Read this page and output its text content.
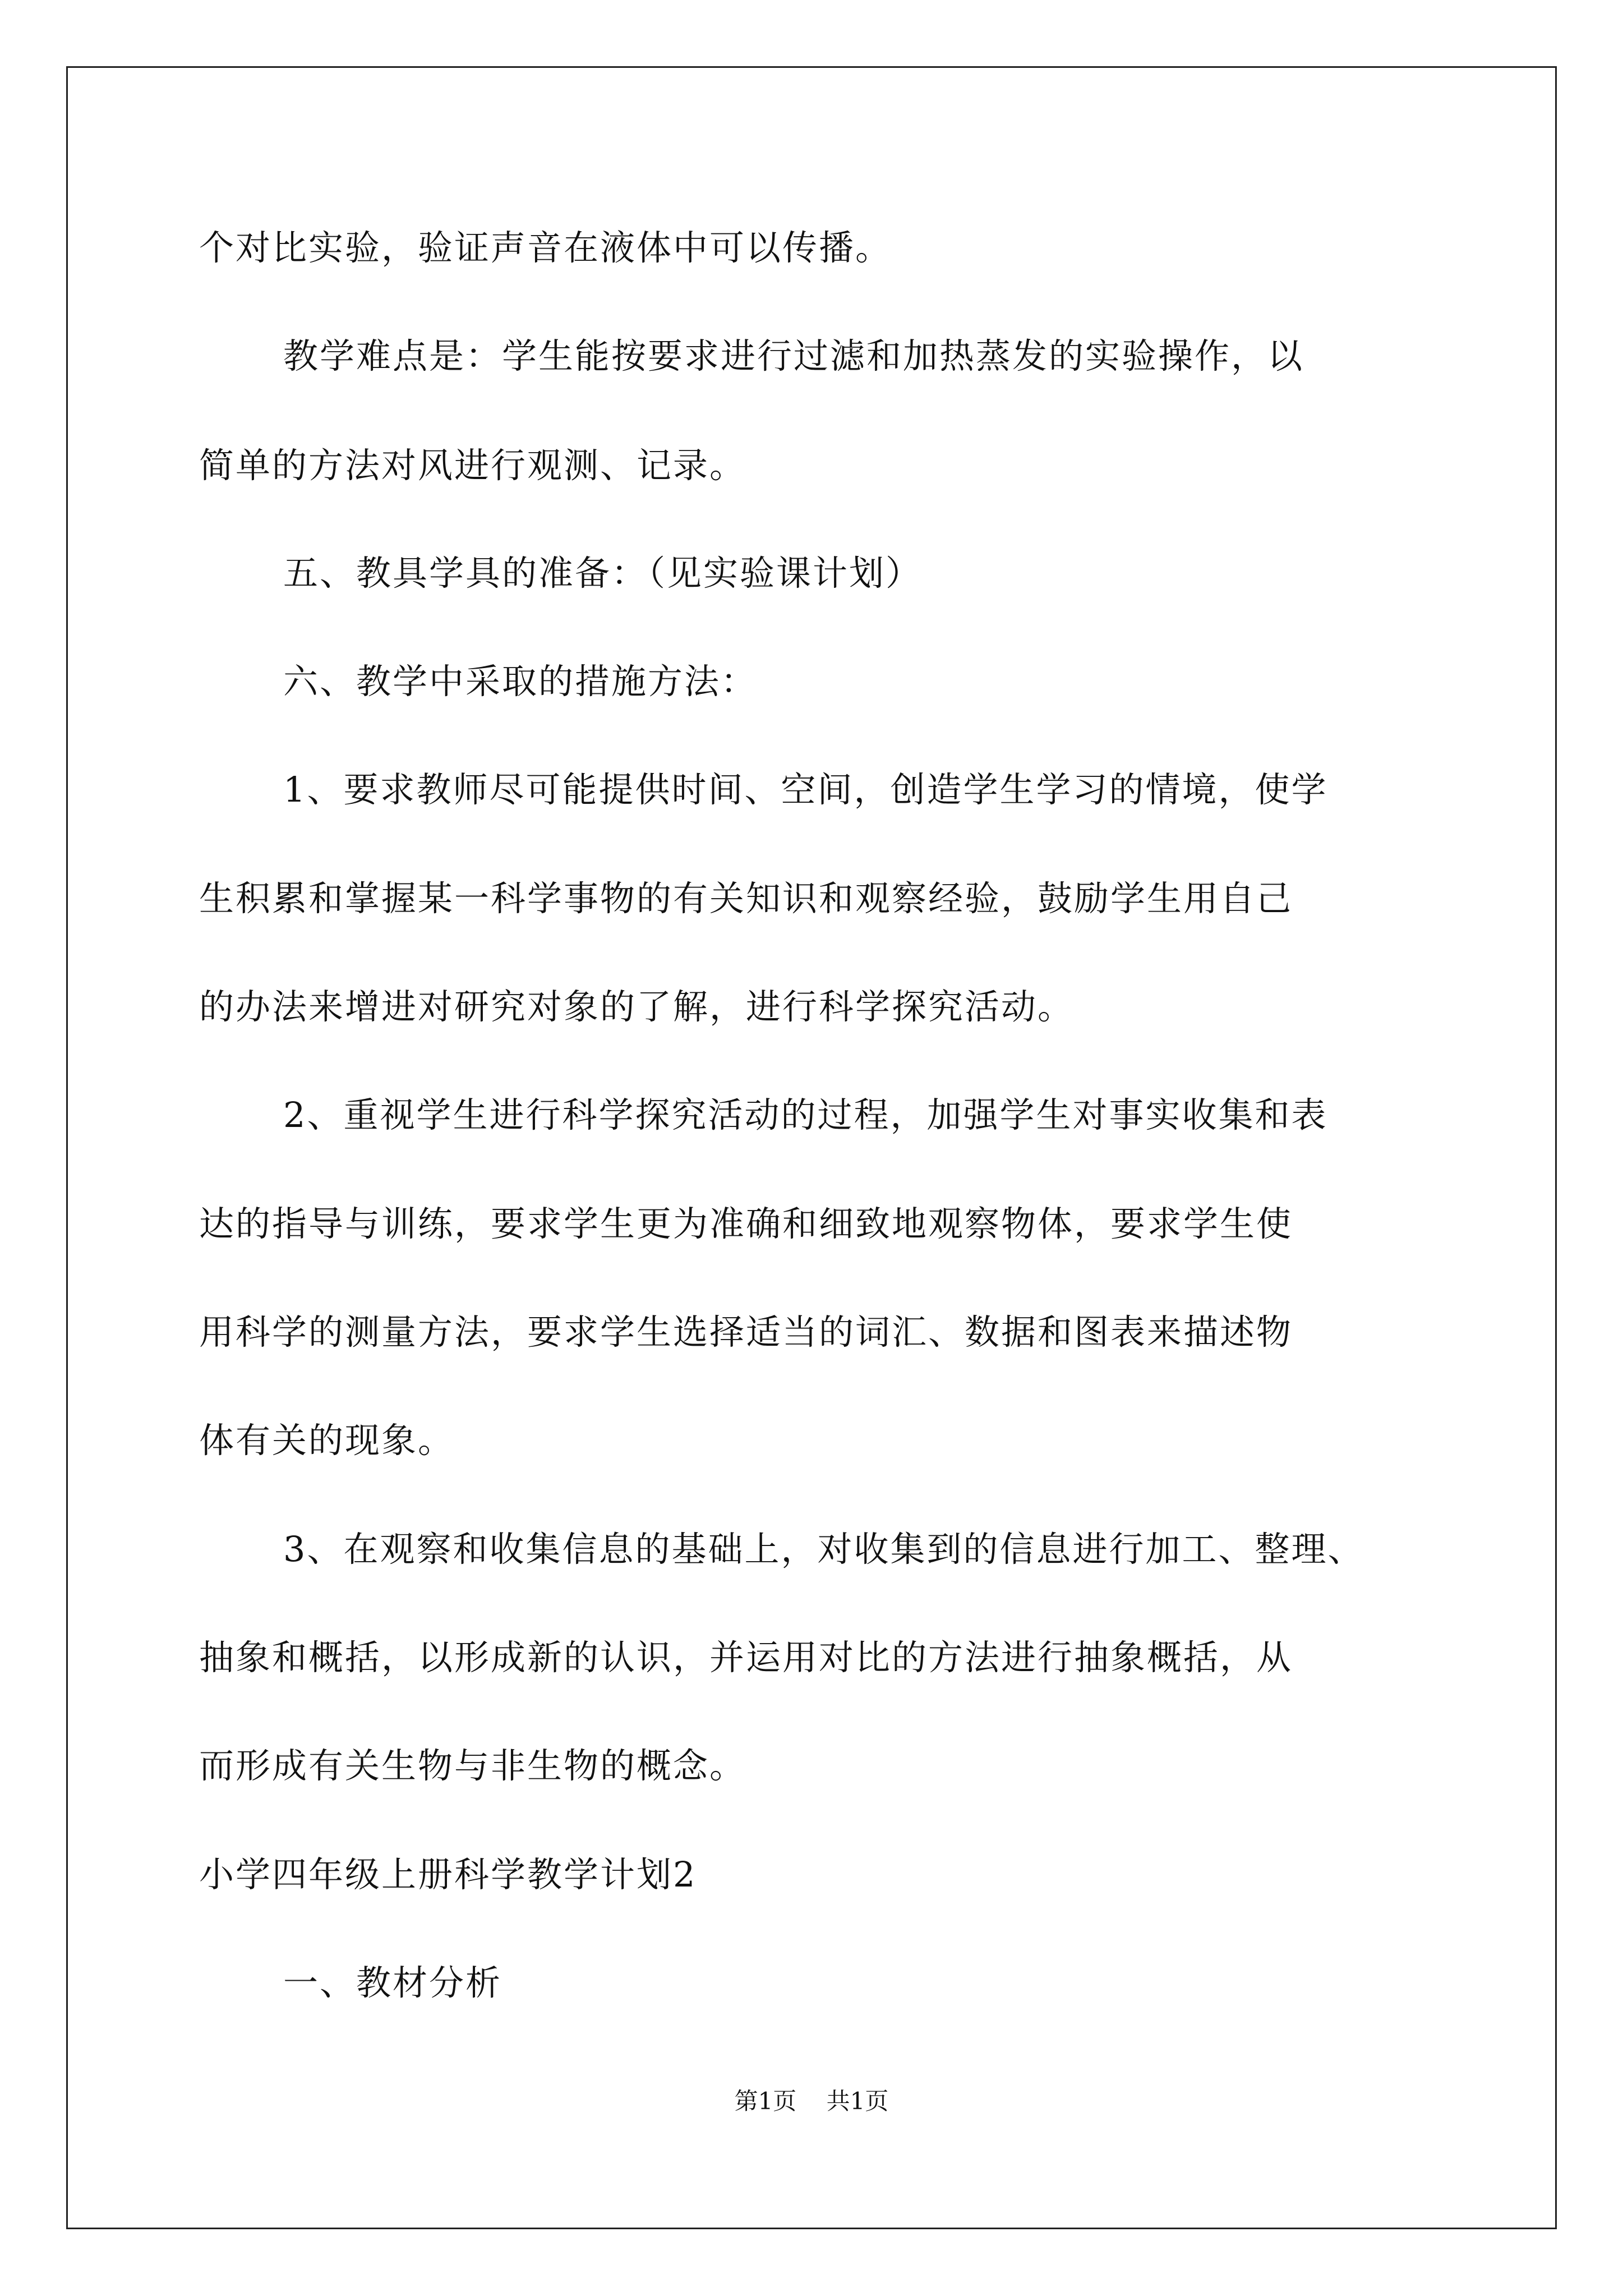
个对比实验，验证声音在液体中可以传播。
教学难点是：学生能按要求进行过滤和加热蒸发的实验操作，以
简单的方法对风进行观测、记录。
五、教具学具的准备：（见实验课计划）
六、教学中采取的措施方法：
1、要求教师尽可能提供时间、空间，创造学生学习的情境，使学
生积累和掌握某一科学事物的有关知识和观察经验，鼓励学生用自己
的办法来增进对研究对象的了解，进行科学探究活动。
2、重视学生进行科学探究活动的过程，加强学生对事实收集和表
达的指导与训练，要求学生更为准确和细致地观察物体，要求学生使
用科学的测量方法，要求学生选择适当的词汇、数据和图表来描述物
体有关的现象。
3、在观察和收集信息的基础上，对收集到的信息进行加工、整理、
抽象和概括，以形成新的认识，并运用对比的方法进行抽象概括，从
而形成有关生物与非生物的概念。
小学四年级上册科学教学计划2
一、教材分析
第1页 共1页
